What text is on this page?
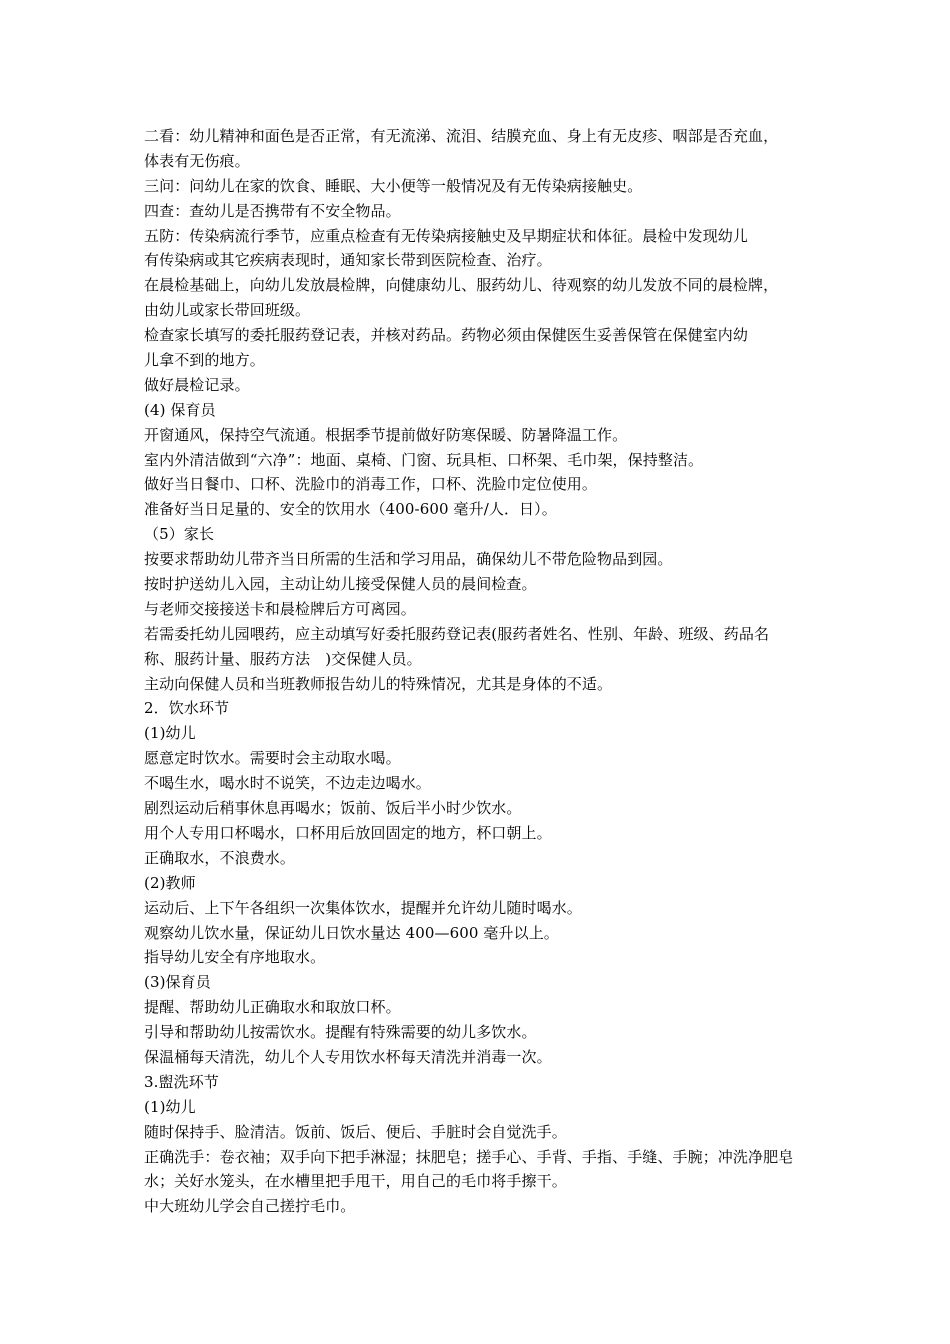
二看：幼儿精神和面色是否正常，有无流涕、流泪、结膜充血、身上有无皮疹、咽部是否充血，
体表有无伤痕。
三问：问幼儿在家的饮食、睡眠、大小便等一般情况及有无传染病接触史。
四查：查幼儿是否携带有不安全物品。
五防：传染病流行季节，应重点检查有无传染病接触史及早期症状和体征。晨检中发现幼儿
有传染病或其它疾病表现时，通知家长带到医院检查、治疗。
在晨检基础上，向幼儿发放晨检牌，向健康幼儿、服药幼儿、待观察的幼儿发放不同的晨检牌，
由幼儿或家长带回班级。
检查家长填写的委托服药登记表，并核对药品。药物必须由保健医生妥善保管在保健室内幼
儿拿不到的地方。
做好晨检记录。
(4) 保育员
开窗通风，保持空气流通。根据季节提前做好防寒保暖、防暑降温工作。
室内外清洁做到“六净”：地面、桌椅、门窗、玩具柜、口杯架、毛巾架，保持整洁。
做好当日餐巾、口杯、洗脸巾的消毒工作，口杯、洗脸巾定位使用。
准备好当日足量的、安全的饮用水（400-600 毫升/人．日）。
（5）家长
按要求帮助幼儿带齐当日所需的生活和学习用品，确保幼儿不带危险物品到园。
按时护送幼儿入园，主动让幼儿接受保健人员的晨间检查。
与老师交接接送卡和晨检牌后方可离园。
若需委托幼儿园喂药，应主动填写好委托服药登记表(服药者姓名、性别、年龄、班级、药品名
称、服药计量、服药方法　)交保健人员。
主动向保健人员和当班教师报告幼儿的特殊情况，尤其是身体的不适。
2．饮水环节
(1)幼儿
愿意定时饮水。需要时会主动取水喝。
不喝生水，喝水时不说笑，不边走边喝水。
剧烈运动后稍事休息再喝水；饭前、饭后半小时少饮水。
用个人专用口杯喝水，口杯用后放回固定的地方，杯口朝上。
正确取水，不浪费水。
(2)教师
运动后、上下午各组织一次集体饮水，提醒并允许幼儿随时喝水。
观察幼儿饮水量，保证幼儿日饮水量达 400—600 毫升以上。
指导幼儿安全有序地取水。
(3)保育员
提醒、帮助幼儿正确取水和取放口杯。
引导和帮助幼儿按需饮水。提醒有特殊需要的幼儿多饮水。
保温桶每天清洗，幼儿个人专用饮水杯每天清洗并消毒一次。
3.盥洗环节
(1)幼儿
随时保持手、脸清洁。饭前、饭后、便后、手脏时会自觉洗手。
正确洗手：卷衣袖；双手向下把手淋湿；抹肥皂；搓手心、手背、手指、手缝、手腕；冲洗净肥皂
水；关好水笼头，在水槽里把手甩干，用自己的毛巾将手擦干。
中大班幼儿学会自己搓拧毛巾。
